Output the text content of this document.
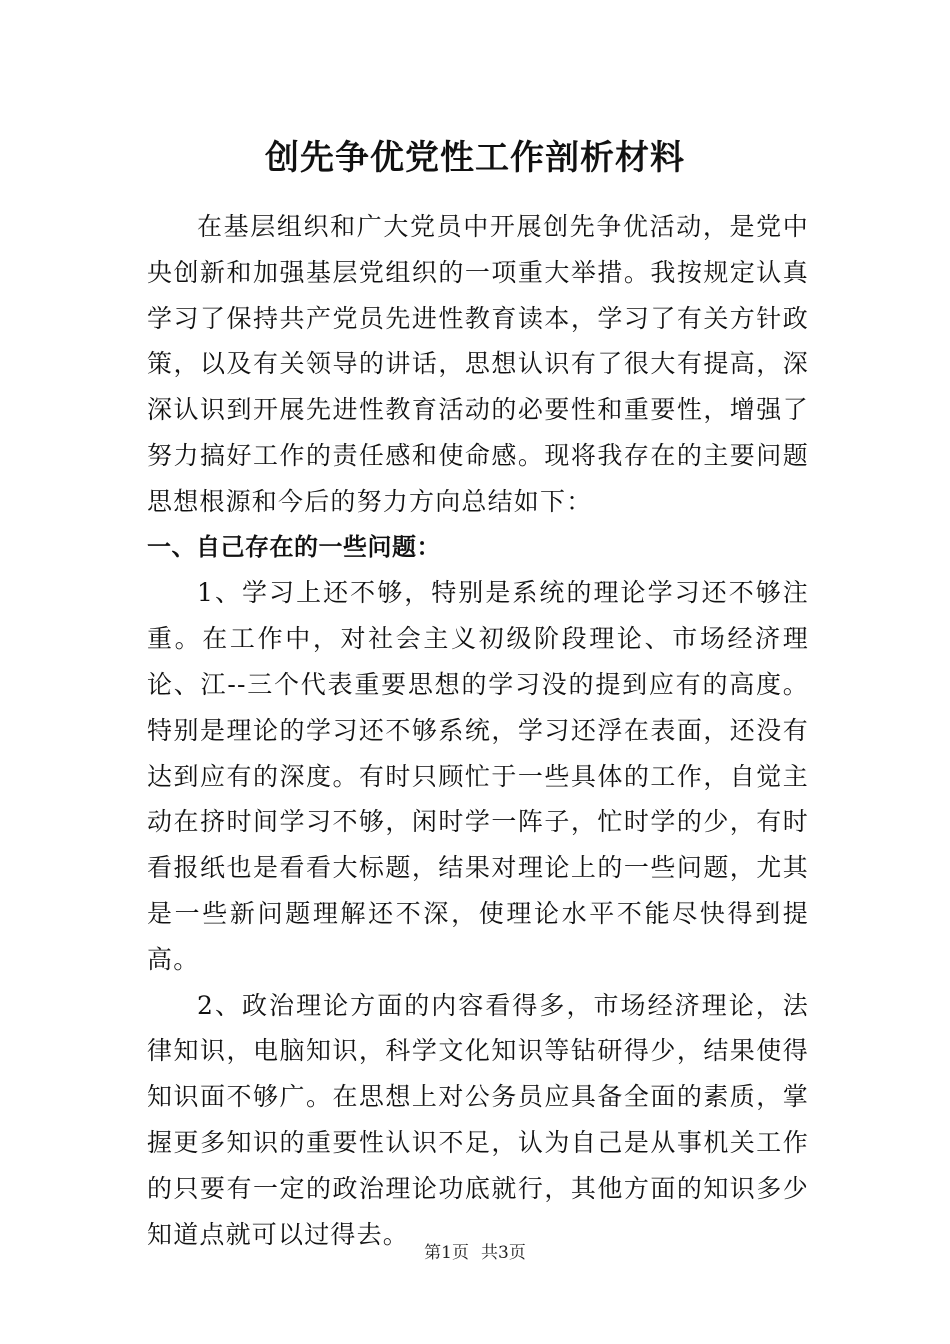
创先争优党性工作剖析材料

在基层组织和广大党员中开展创先争优活动，是党中央创新和加强基层党组织的一项重大举措。我按规定认真学习了保持共产党员先进性教育读本，学习了有关方针政策，以及有关领导的讲话，思想认识有了很大有提高，深深认识到开展先进性教育活动的必要性和重要性，增强了努力搞好工作的责任感和使命感。现将我存在的主要问题思想根源和今后的努力方向总结如下：

一、自己存在的一些问题：

1、学习上还不够，特别是系统的理论学习还不够注重。在工作中，对社会主义初级阶段理论、市场经济理论、江--三个代表重要思想的学习没的提到应有的高度。特别是理论的学习还不够系统，学习还浮在表面，还没有达到应有的深度。有时只顾忙于一些具体的工作，自觉主动在挤时间学习不够，闲时学一阵子，忙时学的少，有时看报纸也是看看大标题，结果对理论上的一些问题，尤其是一些新问题理解还不深，使理论水平不能尽快得到提高。

2、政治理论方面的内容看得多，市场经济理论，法律知识，电脑知识，科学文化知识等钻研得少，结果使得知识面不够广。在思想上对公务员应具备全面的素质，掌握更多知识的重要性认识不足，认为自己是从事机关工作的只要有一定的政治理论功底就行，其他方面的知识多少知道点就可以过得去。

第1页 共3页
